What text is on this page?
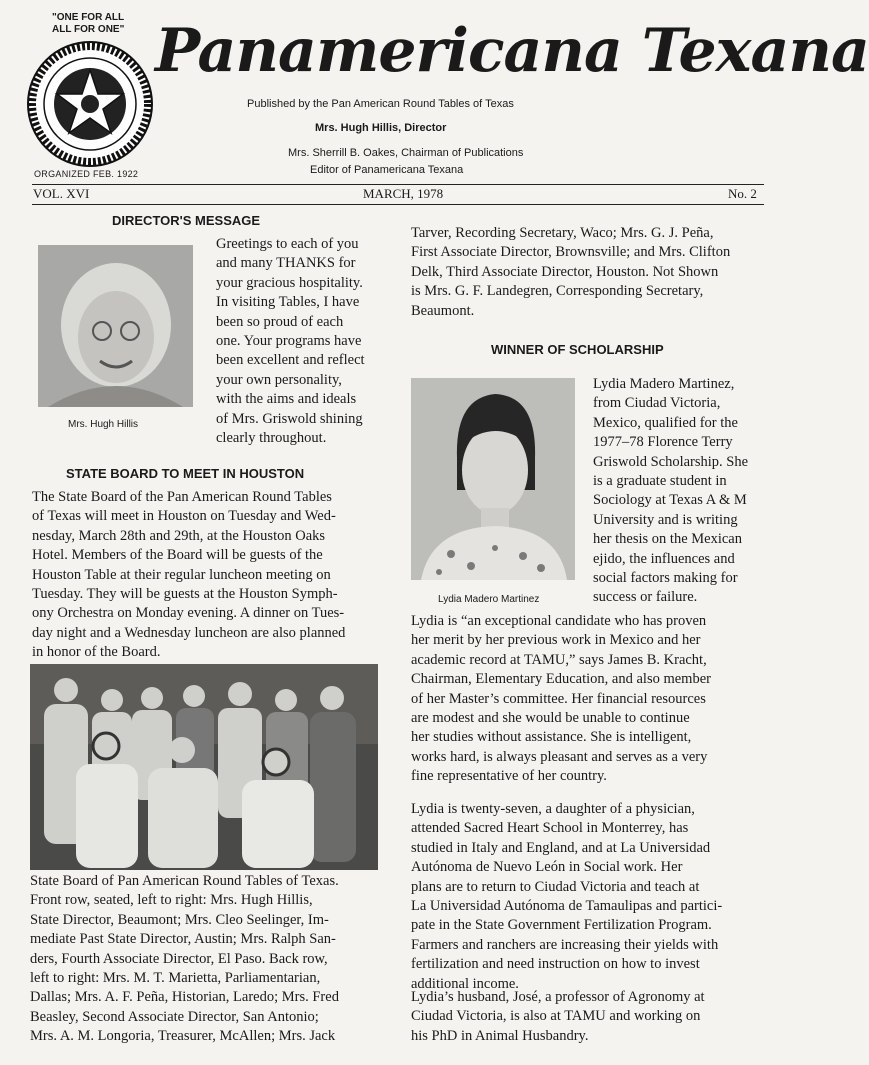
"ONE FOR ALL
ALL FOR ONE"
ORGANIZED FEB. 1922
Panamericana Texana
Published by the Pan American Round Tables of Texas
Mrs. Hugh Hillis, Director
Mrs. Sherrill B. Oakes, Chairman of Publications
Editor of Panamericana Texana
VOL. XVI	MARCH, 1978	No. 2
DIRECTOR'S MESSAGE
Mrs. Hugh Hillis
Greetings to each of you
and many THANKS for
your gracious hospitality.
In visiting Tables, I have
been so proud of each
one. Your programs have
been excellent and reflect
your own personality,
with the aims and ideals
of Mrs. Griswold shining
clearly throughout.
STATE BOARD TO MEET IN HOUSTON
The State Board of the Pan American Round Tables
of Texas will meet in Houston on Tuesday and Wed-
nesday, March 28th and 29th, at the Houston Oaks
Hotel. Members of the Board will be guests of the
Houston Table at their regular luncheon meeting on
Tuesday. They will be guests at the Houston Symph-
ony Orchestra on Monday evening. A dinner on Tues-
day night and a Wednesday luncheon are also planned
in honor of the Board.
State Board of Pan American Round Tables of Texas.
Front row, seated, left to right: Mrs. Hugh Hillis,
State Director, Beaumont; Mrs. Cleo Seelinger, Im-
mediate Past State Director, Austin; Mrs. Ralph San-
ders, Fourth Associate Director, El Paso. Back row,
left to right: Mrs. M. T. Marietta, Parliamentarian,
Dallas; Mrs. A. F. Peña, Historian, Laredo; Mrs. Fred
Beasley, Second Associate Director, San Antonio;
Mrs. A. M. Longoria, Treasurer, McAllen; Mrs. Jack
Tarver, Recording Secretary, Waco; Mrs. G. J. Peña,
First Associate Director, Brownsville; and Mrs. Clifton
Delk, Third Associate Director, Houston. Not Shown
is Mrs. G. F. Landegren, Corresponding Secretary,
Beaumont.
WINNER OF SCHOLARSHIP
Lydia Madero Martinez
Lydia Madero Martinez,
from Ciudad Victoria,
Mexico, qualified for the
1977–78 Florence Terry
Griswold Scholarship. She
is a graduate student in
Sociology at Texas A & M
University and is writing
her thesis on the Mexican
ejido, the influences and
social factors making for
success or failure.
Lydia is “an exceptional candidate who has proven
her merit by her previous work in Mexico and her
academic record at TAMU,” says James B. Kracht,
Chairman, Elementary Education, and also member
of her Master’s committee. Her financial resources
are modest and she would be unable to continue
her studies without assistance. She is intelligent,
works hard, is always pleasant and serves as a very
fine representative of her country.
Lydia is twenty-seven, a daughter of a physician,
attended Sacred Heart School in Monterrey, has
studied in Italy and England, and at La Universidad
Autónoma de Nuevo León in Social work. Her
plans are to return to Ciudad Victoria and teach at
La Universidad Autónoma de Tamaulipas and partici-
pate in the State Government Fertilization Program.
Farmers and ranchers are increasing their yields with
fertilization and need instruction on how to invest
additional income.
Lydia’s husband, José, a professor of Agronomy at
Ciudad Victoria, is also at TAMU and working on
his PhD in Animal Husbandry.
